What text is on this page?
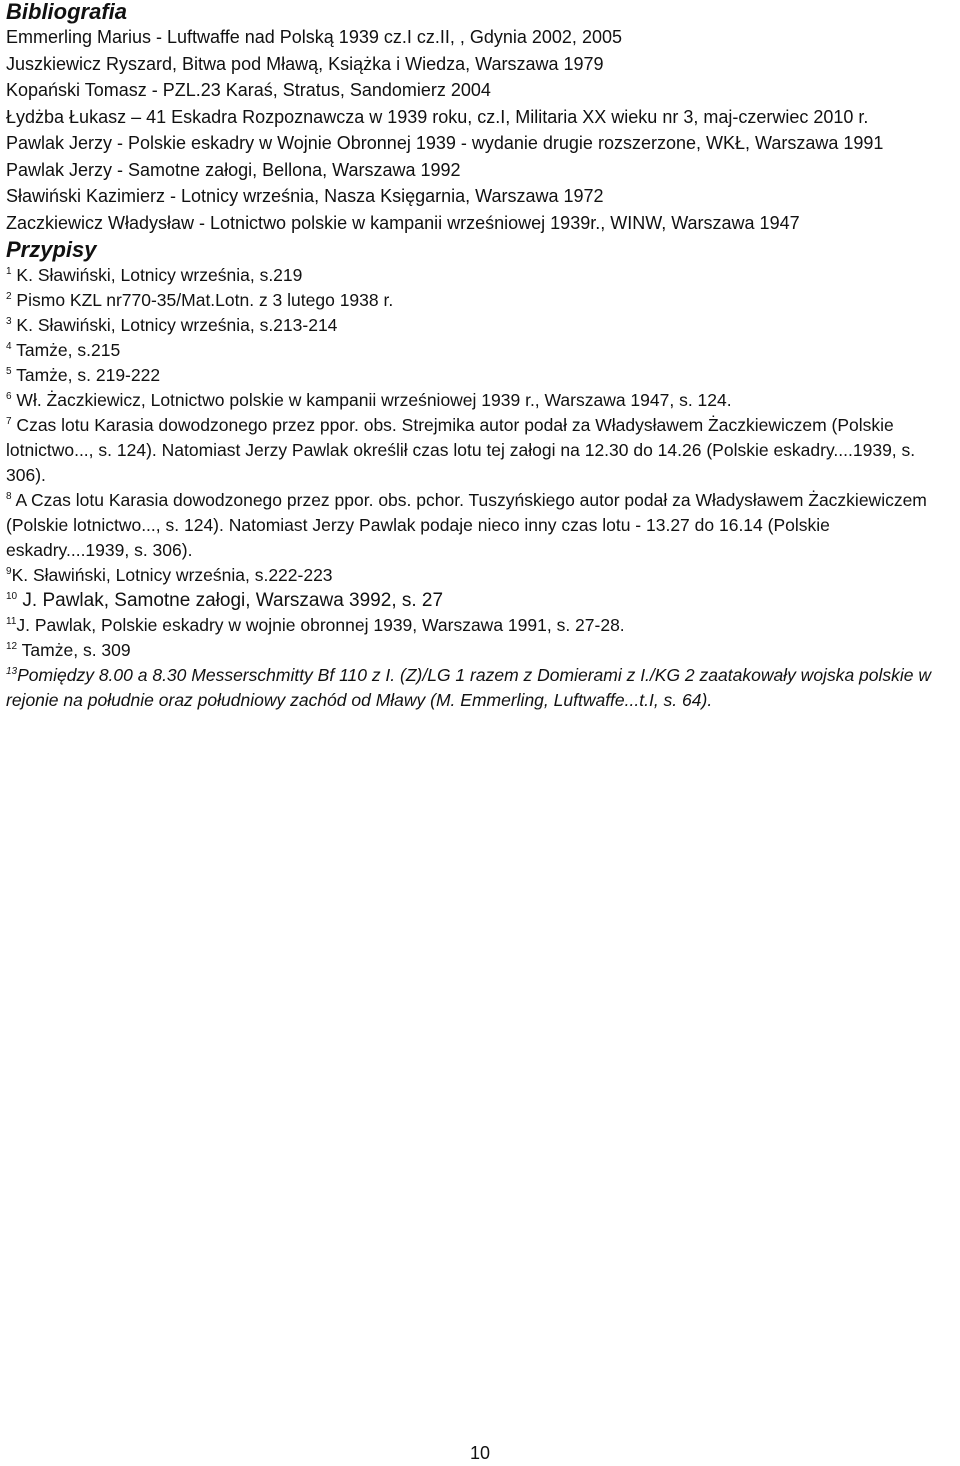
Bibliografia

Emmerling Marius - Luftwaffe nad Polską 1939 cz.I cz.II, , Gdynia 2002, 2005

Juszkiewicz Ryszard, Bitwa pod Mławą, Książka i Wiedza, Warszawa 1979

Kopański Tomasz - PZL.23 Karaś, Stratus, Sandomierz 2004

Łydżba Łukasz – 41 Eskadra Rozpoznawcza w 1939 roku, cz.I, Militaria XX wieku nr 3, maj-czerwiec 2010 r.

Pawlak Jerzy - Polskie eskadry w Wojnie Obronnej 1939 - wydanie drugie rozszerzone, WKŁ, Warszawa 1991

Pawlak Jerzy - Samotne załogi, Bellona, Warszawa 1992

Sławiński Kazimierz - Lotnicy września, Nasza Księgarnia, Warszawa 1972

Zaczkiewicz Władysław - Lotnictwo polskie w kampanii wrześniowej 1939r., WINW, Warszawa 1947

Przypisy

$^1$ K. Sławiński, Lotnicy września, s.219

$^2$ Pismo KZL nr770-35/Mat.Lotn. z 3 lutego 1938 r.

$^3$ K. Sławiński, Lotnicy września, s.213-214

$^4$ Tamże, s.215

$^5$ Tamże, s. 219-222

$^6$ Wł. Żaczkiewicz, Lotnictwo polskie w kampanii wrześniowej 1939 r., Warszawa 1947, s. 124.

$^7$ Czas lotu Karasia dowodzonego przez ppor. obs. Strejmika autor podał za Władysławem Żaczkiewiczem (Polskie lotnictwo..., s. 124). Natomiast Jerzy Pawlak określił czas lotu tej załogi na 12.30 do 14.26 (Polskie eskadry....1939, s. 306).

$^8$ A Czas lotu Karasia dowodzonego przez ppor. obs. pchor. Tuszyńskiego autor podał za Władysławem Żaczkiewiczem (Polskie lotnictwo..., s. 124). Natomiast Jerzy Pawlak podaje nieco inny czas lotu - 13.27 do 16.14 (Polskie eskadry....1939, s. 306).

$^9$K. Sławiński, Lotnicy września, s.222-223

$^{10}$ J. Pawlak, Samotne załogi, Warszawa 3992, s. 27

$^{11}$J. Pawlak, Polskie eskadry w wojnie obronnej 1939, Warszawa 1991, s. 27-28.

$^{12}$ Tamże, s. 309

$^{13}$Pomiędzy 8.00 a 8.30 Messerschmitty Bf 110 z I. (Z)/LG 1 razem z Domierami z I./KG 2 zaatakowały wojska polskie w rejonie na południe oraz południowy zachód od Mławy (M. Emmerling, Luftwaffe...t.I, s. 64).

10
